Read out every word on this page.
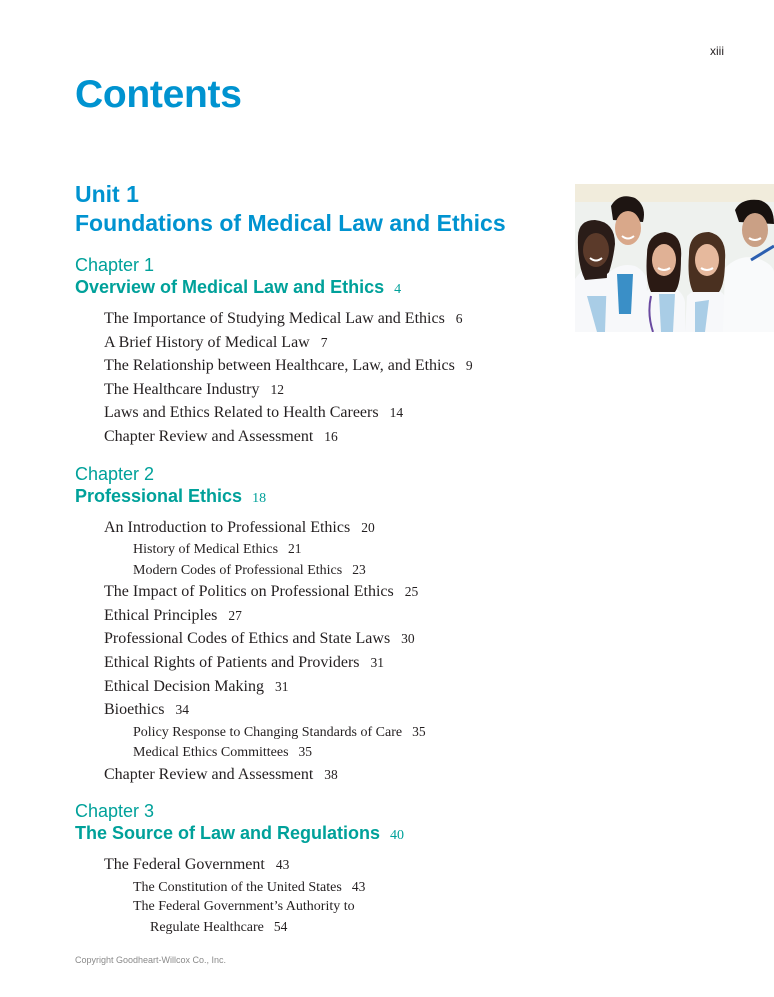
xiii
Contents
Unit 1
Foundations of Medical Law and Ethics
Chapter 1
Overview of Medical Law and Ethics 4
The Importance of Studying Medical Law and Ethics 6
A Brief History of Medical Law 7
The Relationship between Healthcare, Law, and Ethics 9
The Healthcare Industry 12
Laws and Ethics Related to Health Careers 14
Chapter Review and Assessment 16
Chapter 2
Professional Ethics 18
An Introduction to Professional Ethics 20
History of Medical Ethics 21
Modern Codes of Professional Ethics 23
The Impact of Politics on Professional Ethics 25
Ethical Principles 27
Professional Codes of Ethics and State Laws 30
Ethical Rights of Patients and Providers 31
Ethical Decision Making 31
Bioethics 34
Policy Response to Changing Standards of Care 35
Medical Ethics Committees 35
Chapter Review and Assessment 38
Chapter 3
The Source of Law and Regulations 40
The Federal Government 43
The Constitution of the United States 43
The Federal Government’s Authority to
Regulate Healthcare 54
Copyright Goodheart-Willcox Co., Inc.
